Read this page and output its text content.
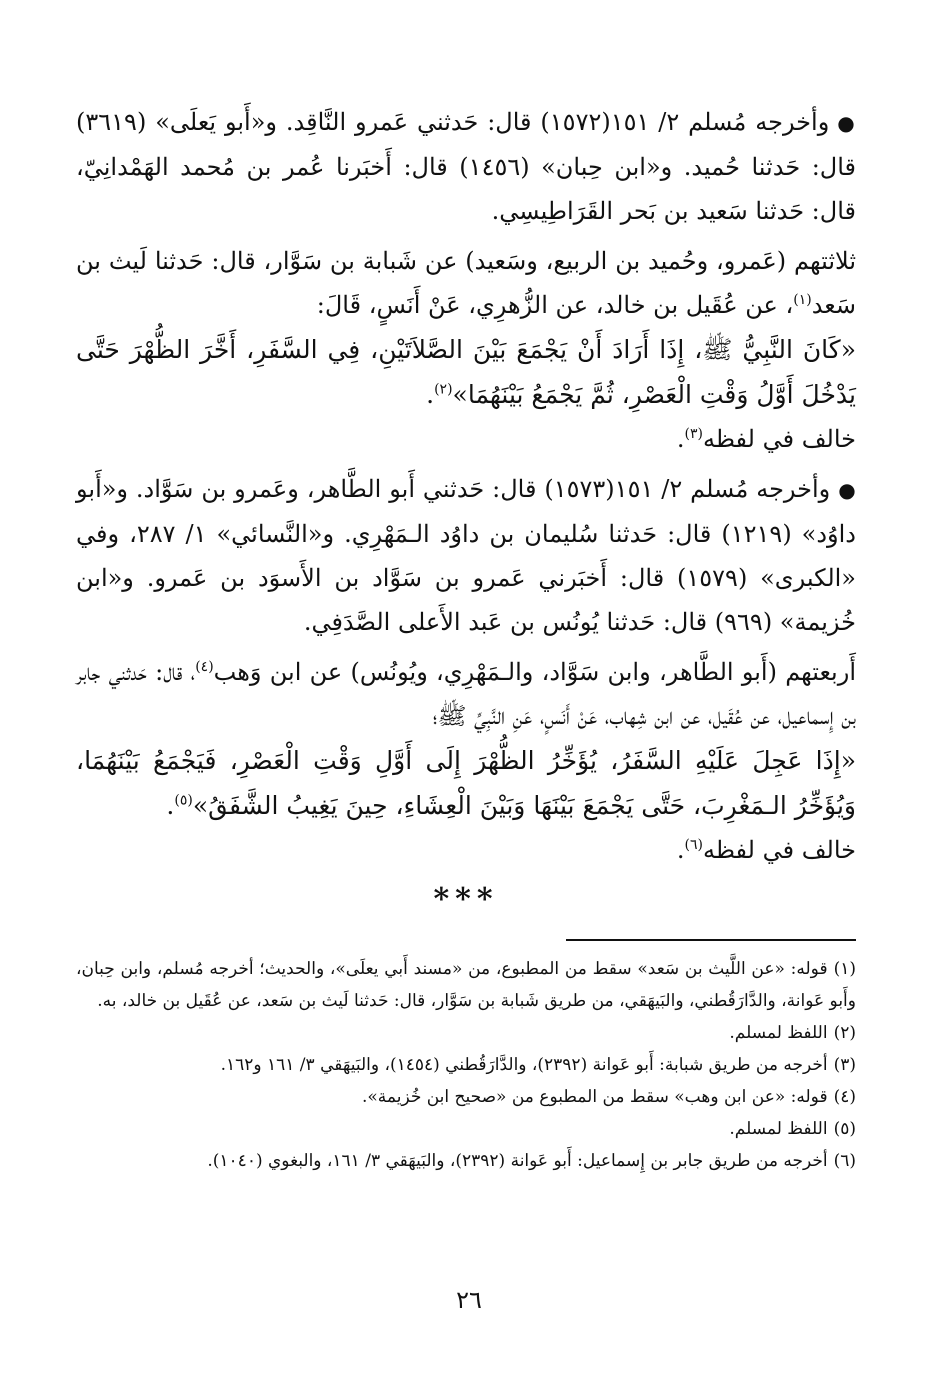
●وأخرجه مُسلم ٢/ ١٥١(١٥٧٢) قال: حَدثني عَمرو النَّاقِد. و«أَبو يَعلَى» (٣٦١٩) قال: حَدثنا حُميد. و«ابن حِبان» (١٤٥٦) قال: أَخبَرنا عُمر بن مُحمد الهَمْدانِيّ، قال: حَدثنا سَعيد بن بَحر القَرَاطِيسِي.

ثلاثتهم (عَمرو، وحُميد بن الربيع، وسَعيد) عن شَبابة بن سَوَّار، قال: حَدثنا لَيث بن سَعد$^{(١)}$، عن عُقَيل بن خالد، عن الزُّهرِي، عَنْ أَنَسٍ، قَالَ:

«كَانَ النَّبِيُّ ﷺ، إِذَا أَرَادَ أَنْ يَجْمَعَ بَيْنَ الصَّلاَتَيْنِ، فِي السَّفَرِ، أَخَّرَ الظُّهْرَ حَتَّى يَدْخُلَ أَوَّلُ وَقْتِ الْعَصْرِ، ثُمَّ يَجْمَعُ بَيْنَهُمَا»$^{(٢)}$.

خالف في لفظه$^{(٣)}$.

●وأخرجه مُسلم ٢/ ١٥١(١٥٧٣) قال: حَدثني أَبو الطَّاهر، وعَمرو بن سَوَّاد. و«أَبو داوُد» (١٢١٩) قال: حَدثنا سُليمان بن داوُد الـمَهْرِي. و«النَّسائي» ١/ ٢٨٧، وفي «الكبرى» (١٥٧٩) قال: أَخبَرني عَمرو بن سَوَّاد بن الأَسوَد بن عَمرو. و«ابن خُزيمة» (٩٦٩) قال: حَدثنا يُونُس بن عَبد الأَعلى الصَّدَفِي.

أَربعتهم (أَبو الطَّاهر، وابن سَوَّاد، والـمَهْرِي، ويُونُس) عن ابن وَهب$^{(٤)}$، قال: حَدثني جابر بن إِسماعيل، عن عُقَيل، عن ابن شِهاب، عَنْ أَنَسٍ، عَنِ النَّبِيِّ ﷺ؛

«إِذَا عَجِلَ عَلَيْهِ السَّفَرُ، يُؤَخِّرُ الظُّهْرَ إِلَى أَوَّلِ وَقْتِ الْعَصْرِ، فَيَجْمَعُ بَيْنَهُمَا، وَيُؤَخِّرُ الـمَغْرِبَ، حَتَّى يَجْمَعَ بَيْنَهَا وَبَيْنَ الْعِشَاءِ، حِينَ يَغِيبُ الشَّفَقُ»$^{(٥)}$.

خالف في لفظه$^{(٦)}$.

***

(١)قوله: «عن اللَّيث بن سَعد» سقط من المطبوع، من «مسند أَبي يعلَى»، والحديث؛ أخرجه مُسلم، وابن حِبان، وأَبو عَوانة، والدَّارَقُطني، والبَيهَقي، من طريق شَبابة بن سَوَّار، قال: حَدثنا لَيث بن سَعد، عن عُقَيل بن خالد، به.

(٢)اللفظ لمسلم.

(٣)أخرجه من طريق شبابة: أَبو عَوانة (٢٣٩٢)، والدَّارَقُطني (١٤٥٤)، والبَيهَقي ٣/ ١٦١ و١٦٢.

(٤)قوله: «عن ابن وهب» سقط من المطبوع من «صحيح ابن خُزيمة».

(٥)اللفظ لمسلم.

(٦)أخرجه من طريق جابر بن إِسماعيل: أَبو عَوانة (٢٣٩٢)، والبَيهَقي ٣/ ١٦١، والبغوي (١٠٤٠).

٢٦
